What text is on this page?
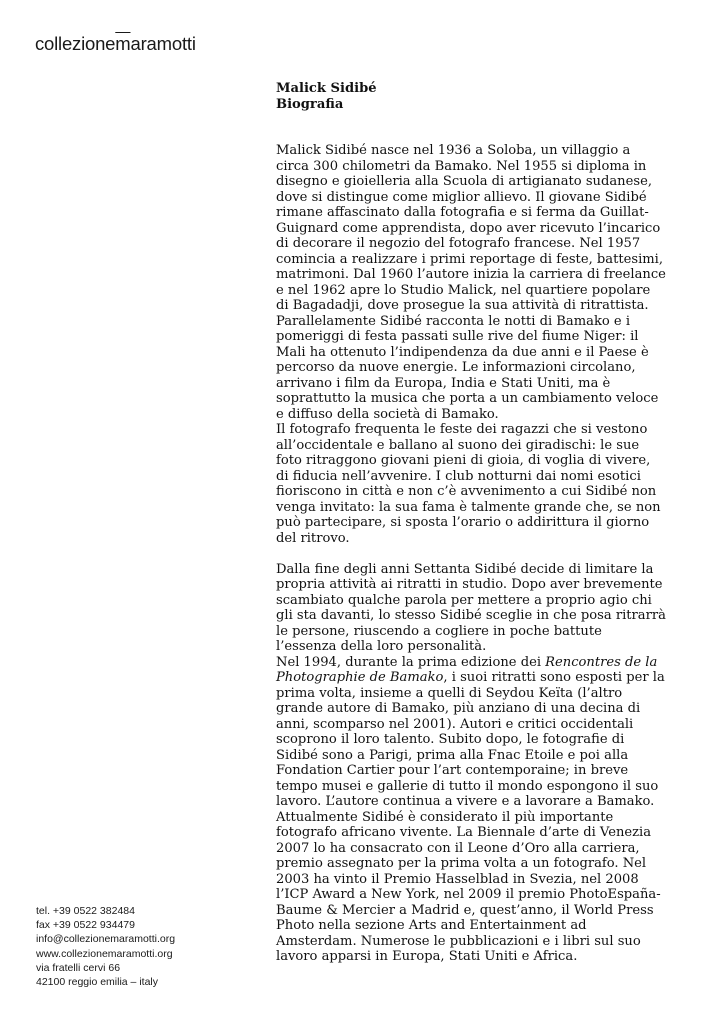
$collezione\overline{m}aramotti$

Malick Sidibé

Biografia

Malick Sidibé nasce nel 1936 a Soloba, un villaggio a circa 300 chilometri da Bamako. Nel 1955 si diploma in disegno e gioielleria alla Scuola di artigianato sudanese, dove si distingue come miglior allievo. Il giovane Sidibé rimane affascinato dalla fotografia e si ferma da Guillat-Guignard come apprendista, dopo aver ricevuto l’incarico di decorare il negozio del fotografo francese. Nel 1957 comincia a realizzare i primi reportage di feste, battesimi, matrimoni. Dal 1960 l’autore inizia la carriera di freelance e nel 1962 apre lo Studio Malick, nel quartiere popolare di Bagadadji, dove prosegue la sua attività di ritrattista.

Parallelamente Sidibé racconta le notti di Bamako e i pomeriggi di festa passati sulle rive del fiume Niger: il Mali ha ottenuto l’indipendenza da due anni e il Paese è percorso da nuove energie. Le informazioni circolano, arrivano i film da Europa, India e Stati Uniti, ma è soprattutto la musica che porta a un cambiamento veloce e diffuso della società di Bamako.

Il fotografo frequenta le feste dei ragazzi che si vestono all’occidentale e ballano al suono dei giradischi: le sue foto ritraggono giovani pieni di gioia, di voglia di vivere, di fiducia nell’avvenire. I club notturni dai nomi esotici fioriscono in città e non c’è avvenimento a cui Sidibé non venga invitato: la sua fama è talmente grande che, se non può partecipare, si sposta l’orario o addirittura il giorno del ritrovo.

Dalla fine degli anni Settanta Sidibé decide di limitare la propria attività ai ritratti in studio. Dopo aver brevemente scambiato qualche parola per mettere a proprio agio chi gli sta davanti, lo stesso Sidibé sceglie in che posa ritrarrà le persone, riuscendo a cogliere in poche battute l’essenza della loro personalità.

Nel 1994, durante la prima edizione dei Rencontres de la Photographie de Bamako, i suoi ritratti sono esposti per la prima volta, insieme a quelli di Seydou Keïta (l’altro grande autore di Bamako, più anziano di una decina di anni, scomparso nel 2001). Autori e critici occidentali scoprono il loro talento. Subito dopo, le fotografie di Sidibé sono a Parigi, prima alla Fnac Etoile e poi alla Fondation Cartier pour l’art contemporaine; in breve tempo musei e gallerie di tutto il mondo espongono il suo lavoro. L’autore continua a vivere e a lavorare a Bamako. Attualmente Sidibé è considerato il più importante fotografo africano vivente. La Biennale d’arte di Venezia 2007 lo ha consacrato con il Leone d’Oro alla carriera, premio assegnato per la prima volta a un fotografo. Nel 2003 ha vinto il Premio Hasselblad in Svezia, nel 2008 l’ICP Award a New York, nel 2009 il premio PhotoEspaña-Baume & Mercier a Madrid e, quest’anno, il World Press Photo nella sezione Arts and Entertainment ad Amsterdam. Numerose le pubblicazioni e i libri sul suo lavoro apparsi in Europa, Stati Uniti e Africa.

tel. +39 0522 382484
fax +39 0522 934479
info@collezionemaramotti.org
www.collezionemaramotti.org
via fratelli cervi 66
42100 reggio emilia – italy
